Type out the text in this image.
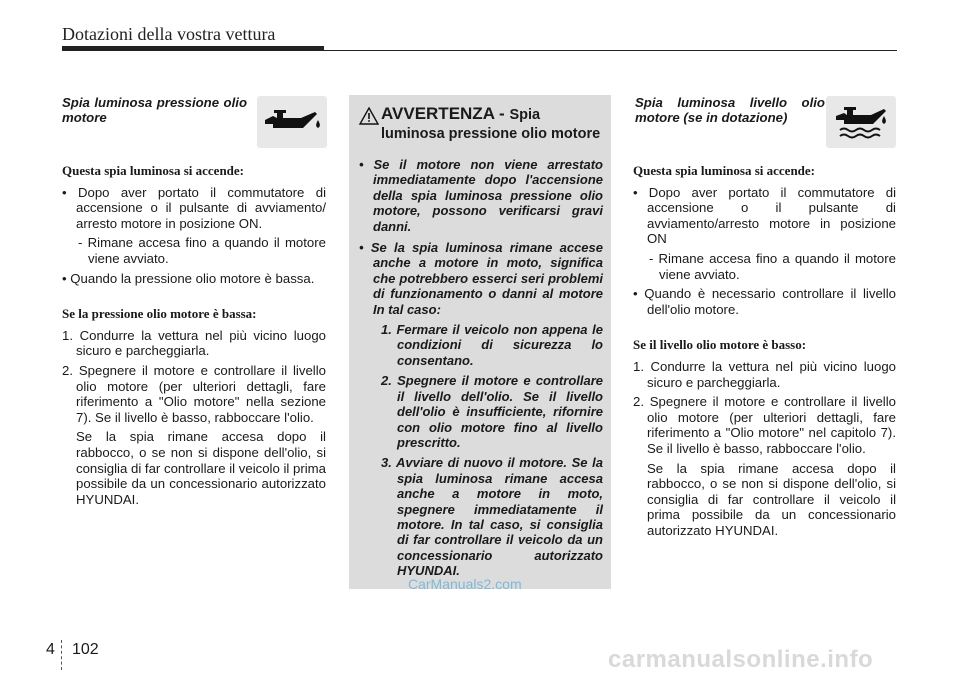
Dotazioni della vostra vettura

Spia luminosa pressione olio motore

Questa spia luminosa si accende:

• Dopo aver portato il commutatore di accensione o il pulsante di avviamento/ arresto motore in posizione ON.

- Rimane accesa fino a quando il motore viene avviato.

• Quando la pressione olio motore è bassa.

Se la pressione olio motore è bassa:

1. Condurre la vettura nel più vicino luogo sicuro e parcheggiarla.

2. Spegnere il motore e controllare il livello olio motore (per ulteriori dettagli, fare riferimento a "Olio motore" nella sezione 7). Se il livello è basso, rabboccare l'olio.

Se la spia rimane accesa dopo il rabbocco, o se non si dispone dell'olio, si consiglia di far controllare il veicolo il prima possibile da un concessionario autorizzato HYUNDAI.

AVVERTENZA - Spia luminosa pressione olio motore

• Se il motore non viene arrestato immediatamente dopo l'accensione della spia luminosa pressione olio motore, possono verificarsi gravi danni.

• Se la spia luminosa rimane accese anche a motore in moto, significa che potrebbero esserci seri problemi di funzionamento o danni al motore In tal caso:

1. Fermare il veicolo non appena le condizioni di sicurezza lo consentano.

2. Spegnere il motore e controllare il livello dell'olio. Se il livello dell'olio è insufficiente, rifornire con olio motore fino al livello prescritto.

3. Avviare di nuovo il motore. Se la spia luminosa rimane accesa anche a motore in moto, spegnere immediatamente il motore. In tal caso, si consiglia di far controllare il veicolo da un concessionario autorizzato HYUNDAI.

CarManuals2.com

Spia luminosa livello olio motore (se in dotazione)

Questa spia luminosa si accende:

• Dopo aver portato il commutatore di accensione o il pulsante di avviamento/arresto motore in posizione ON

- Rimane accesa fino a quando il motore viene avviato.

• Quando è necessario controllare il livello dell'olio motore.

Se il livello olio motore è basso:

1. Condurre la vettura nel più vicino luogo sicuro e parcheggiarla.

2. Spegnere il motore e controllare il livello olio motore (per ulteriori dettagli, fare riferimento a "Olio motore" nel capitolo 7). Se il livello è basso, rabboccare l'olio.

Se la spia rimane accesa dopo il rabbocco, o se non si dispone dell'olio, si consiglia di far controllare il veicolo il prima possibile da un concessionario autorizzato HYUNDAI.

4 102	carmanualsonline.info
